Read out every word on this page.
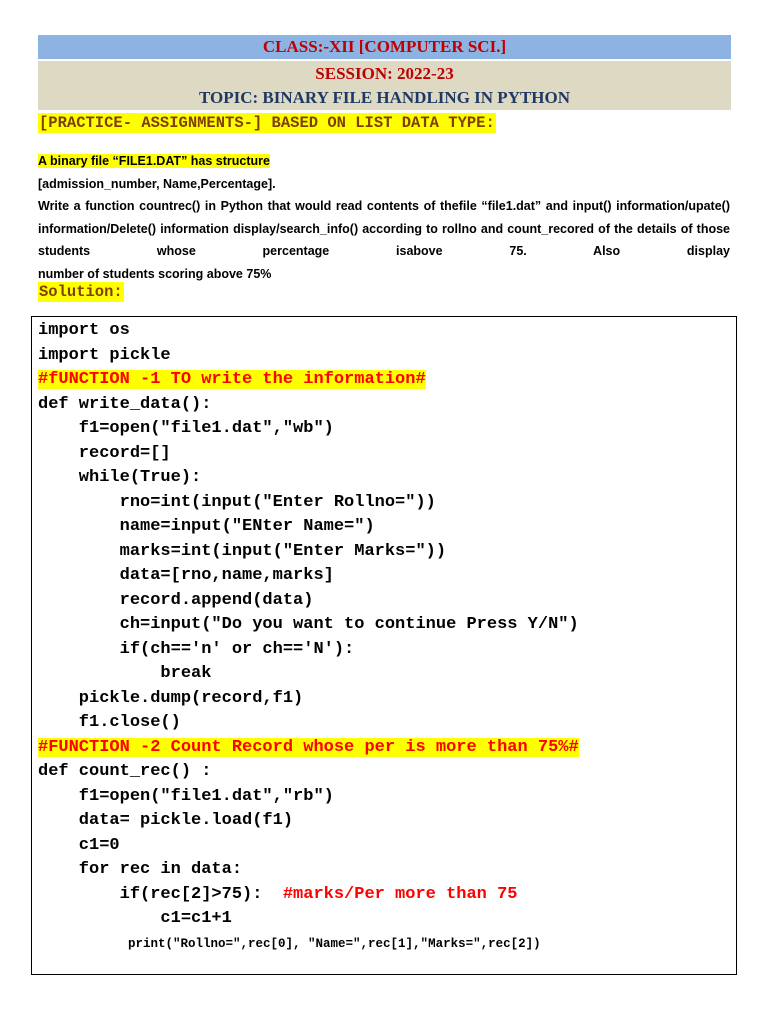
CLASS:-XII [COMPUTER SCI.]
SESSION: 2022-23
TOPIC: BINARY FILE HANDLING IN PYTHON
[PRACTICE- ASSIGNMENTS-] BASED ON LIST DATA TYPE:
A binary file “FILE1.DAT” has structure
[admission_number, Name,Percentage].
Write a function countrec() in Python that would read contents of thefile “file1.dat” and input() information/upate() information/Delete() information display/search_info() according to rollno and count_recored of the details of those students whose percentage isabove 75. Also display
number of students scoring above 75%
Solution:
import os
import pickle
#fUNCTION -1 TO write the information#
def write_data():
f1=open("file1.dat","wb")
record=[]
while(True):
rno=int(input("Enter Rollno="))
name=input("ENter Name=")
marks=int(input("Enter Marks="))
data=[rno,name,marks]
record.append(data)
ch=input("Do you want to continue Press Y/N")
if(ch=='n' or ch=='N'):
break
pickle.dump(record,f1)
f1.close()
#FUNCTION -2 Count Record whose per is more than 75%#
def count_rec() :
f1=open("file1.dat","rb")
data= pickle.load(f1)
c1=0
for rec in data:
if(rec[2]>75):  #marks/Per more than 75
c1=c1+1
print("Rollno=",rec[0], "Name=",rec[1],"Marks=",rec[2])
